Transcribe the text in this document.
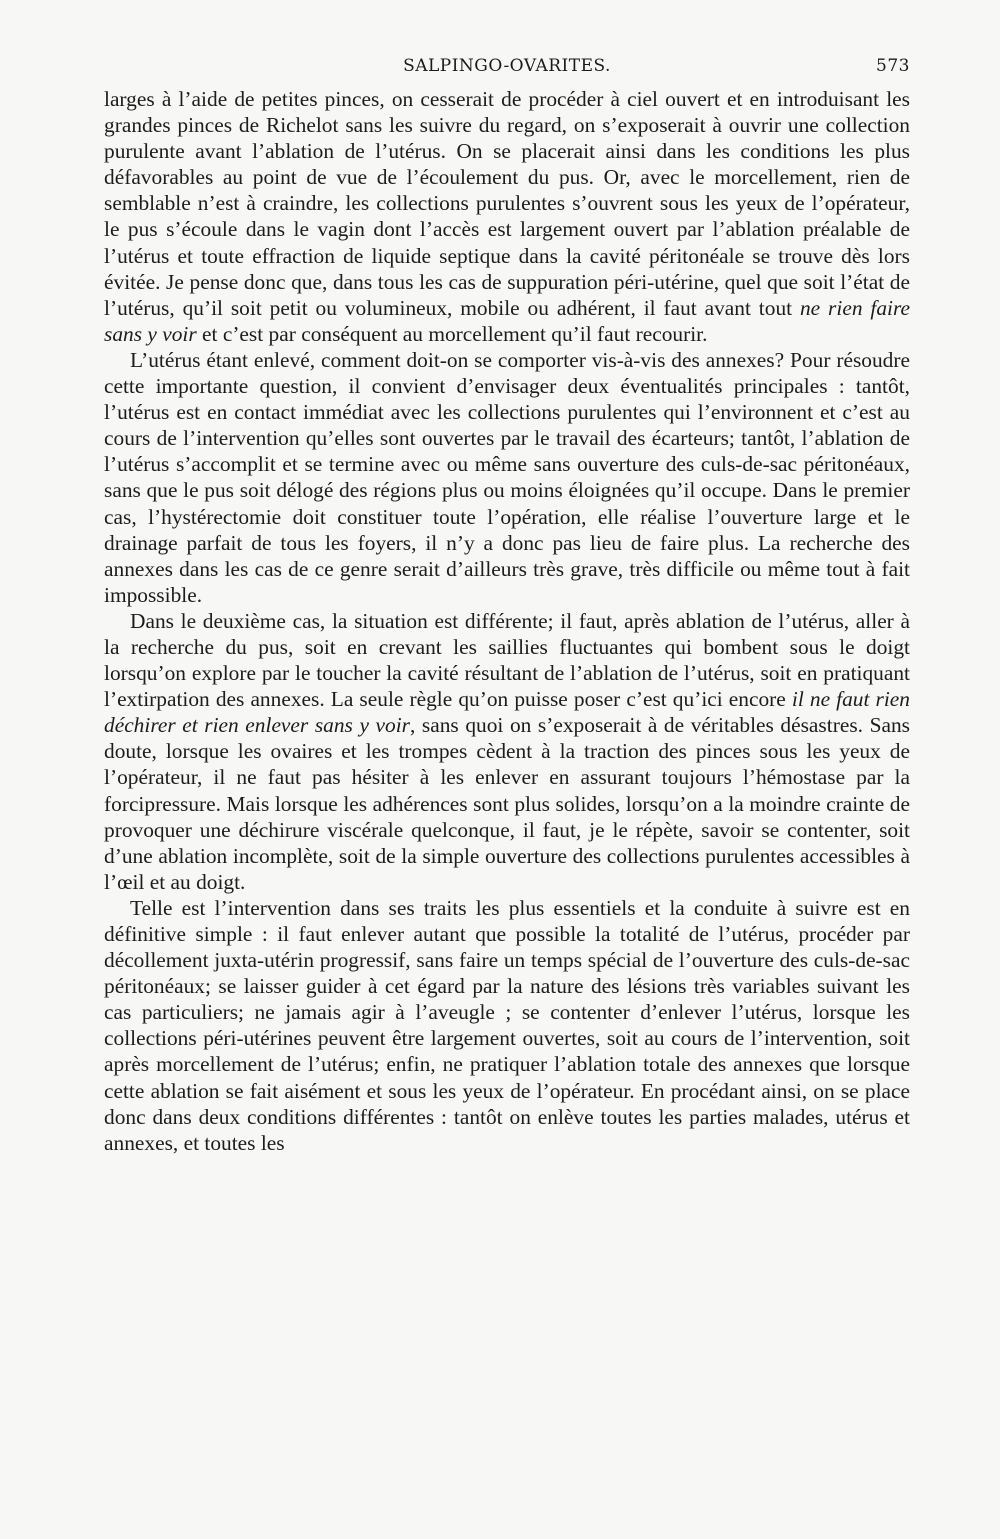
SALPINGO-OVARITES.	573

larges à l’aide de petites pinces, on cesserait de procéder à ciel ouvert et en introduisant les grandes pinces de Richelot sans les suivre du regard, on s’exposerait à ouvrir une collection purulente avant l’ablation de l’utérus. On se placerait ainsi dans les conditions les plus défavorables au point de vue de l’écoulement du pus. Or, avec le morcellement, rien de semblable n’est à craindre, les collections purulentes s’ouvrent sous les yeux de l’opérateur, le pus s’écoule dans le vagin dont l’accès est largement ouvert par l’ablation préalable de l’utérus et toute effraction de liquide septique dans la cavité péritonéale se trouve dès lors évitée. Je pense donc que, dans tous les cas de suppuration péri-utérine, quel que soit l’état de l’utérus, qu’il soit petit ou volumineux, mobile ou adhérent, il faut avant tout ne rien faire sans y voir et c’est par conséquent au morcellement qu’il faut recourir.

L’utérus étant enlevé, comment doit-on se comporter vis-à-vis des annexes? Pour résoudre cette importante question, il convient d’envisager deux éventualités principales : tantôt, l’utérus est en contact immédiat avec les collections purulentes qui l’environnent et c’est au cours de l’intervention qu’elles sont ouvertes par le travail des écarteurs; tantôt, l’ablation de l’utérus s’accomplit et se termine avec ou même sans ouverture des culs-de-sac péritonéaux, sans que le pus soit délogé des régions plus ou moins éloignées qu’il occupe. Dans le premier cas, l’hystérectomie doit constituer toute l’opération, elle réalise l’ouverture large et le drainage parfait de tous les foyers, il n’y a donc pas lieu de faire plus. La recherche des annexes dans les cas de ce genre serait d’ailleurs très grave, très difficile ou même tout à fait impossible.

Dans le deuxième cas, la situation est différente; il faut, après ablation de l’utérus, aller à la recherche du pus, soit en crevant les saillies fluctuantes qui bombent sous le doigt lorsqu’on explore par le toucher la cavité résultant de l’ablation de l’utérus, soit en pratiquant l’extirpation des annexes. La seule règle qu’on puisse poser c’est qu’ici encore il ne faut rien déchirer et rien enlever sans y voir, sans quoi on s’exposerait à de véritables désastres. Sans doute, lorsque les ovaires et les trompes cèdent à la traction des pinces sous les yeux de l’opérateur, il ne faut pas hésiter à les enlever en assurant toujours l’hémostase par la forcipressure. Mais lorsque les adhérences sont plus solides, lorsqu’on a la moindre crainte de provoquer une déchirure viscérale quelconque, il faut, je le répète, savoir se contenter, soit d’une ablation incomplète, soit de la simple ouverture des collections purulentes accessibles à l’œil et au doigt.

Telle est l’intervention dans ses traits les plus essentiels et la conduite à suivre est en définitive simple : il faut enlever autant que possible la totalité de l’utérus, procéder par décollement juxta-utérin progressif, sans faire un temps spécial de l’ouverture des culs-de-sac péritonéaux; se laisser guider à cet égard par la nature des lésions très variables suivant les cas particuliers; ne jamais agir à l’aveugle ; se contenter d’enlever l’utérus, lorsque les collections péri-utérines peuvent être largement ouvertes, soit au cours de l’intervention, soit après morcellement de l’utérus; enfin, ne pratiquer l’ablation totale des annexes que lorsque cette ablation se fait aisément et sous les yeux de l’opérateur. En procédant ainsi, on se place donc dans deux conditions différentes : tantôt on enlève toutes les parties malades, utérus et annexes, et toutes les
